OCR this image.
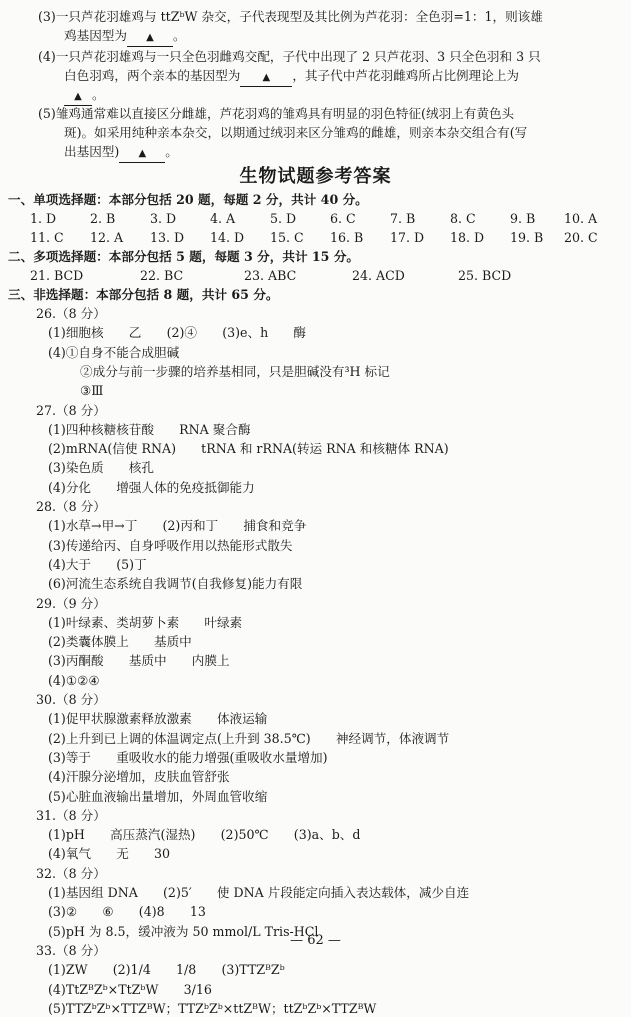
(3)一只芦花羽雄鸡与 ttZᵇW 杂交，子代表现型及其比例为芦花羽：全色羽=1：1，则该雄
鸡基因型为 ▲ 。
(4)一只芦花羽雄鸡与一只全色羽雌鸡交配，子代中出现了 2 只芦花羽、3 只全色羽和 3 只
白色羽鸡，两个亲本的基因型为 ▲ ，其子代中芦花羽雌鸡所占比例理论上为
▲ 。
(5)雏鸡通常难以直接区分雌雄，芦花羽鸡的雏鸡具有明显的羽色特征(绒羽上有黄色头
斑)。如采用纯种亲本杂交，以期通过绒羽来区分雏鸡的雌雄，则亲本杂交组合有(写
出基因型) ▲ 。
生物试题参考答案
一、单项选择题：本部分包括 20 题，每题 2 分，共计 40 分。
1. D	2. B	3. D	4. A	5. D	6. C	7. B	8. C	9. B 10. A
11. C 12. A 13. D 14. D 15. C 16. B 17. D 18. D 19. B 20. C
二、多项选择题：本部分包括 5 题，每题 3 分，共计 15 分。
21. BCD	22. BC	23. ABC	24. ACD	25. BCD
三、非选择题：本部分包括 8 题，共计 65 分。
26.（8 分）
(1)细胞核　　乙　　(2)④　　(3)e、h　　酶
(4)①自身不能合成胆碱
②成分与前一步骤的培养基相同，只是胆碱没有³H 标记
③Ⅲ
27.（8 分）
(1)四种核糖核苷酸　　RNA 聚合酶
(2)mRNA(信使 RNA)　　tRNA 和 rRNA(转运 RNA 和核糖体 RNA)
(3)染色质　　核孔
(4)分化　　增强人体的免疫抵御能力
28.（8 分）
(1)水草→甲→丁　　(2)丙和丁　　捕食和竞争
(3)传递给丙、自身呼吸作用以热能形式散失
(4)大于　　(5)丁
(6)河流生态系统自我调节(自我修复)能力有限
29.（9 分）
(1)叶绿素、类胡萝卜素　　叶绿素
(2)类囊体膜上　　基质中
(3)丙酮酸　　基质中　　内膜上
(4)①②④
30.（8 分）
(1)促甲状腺激素释放激素　　体液运输
(2)上升到已上调的体温调定点(上升到 38.5℃)　　神经调节，体液调节
(3)等于　　重吸收水的能力增强(重吸收水量增加)
(4)汗腺分泌增加，皮肤血管舒张
(5)心脏血液输出量增加，外周血管收缩
31.（8 分）
(1)pH　　高压蒸汽(湿热)　　(2)50℃　　(3)a、b、d
(4)氧气　　无　　30
32.（8 分）
(1)基因组 DNA　　(2)5′　　使 DNA 片段能定向插入表达载体，减少自连
(3)②　　⑥　　(4)8　　13
(5)pH 为 8.5，缓冲液为 50 mmol/L Tris-HCl
33.（8 分）
(1)ZW　　(2)1/4　　1/8　　(3)TTZᴮZᵇ
(4)TtZᴮZᵇ×TtZᵇW　　3/16
(5)TTZᵇZᵇ×TTZᴮW；TTZᵇZᵇ×ttZᴮW；ttZᵇZᵇ×TTZᴮW
— 62 —
